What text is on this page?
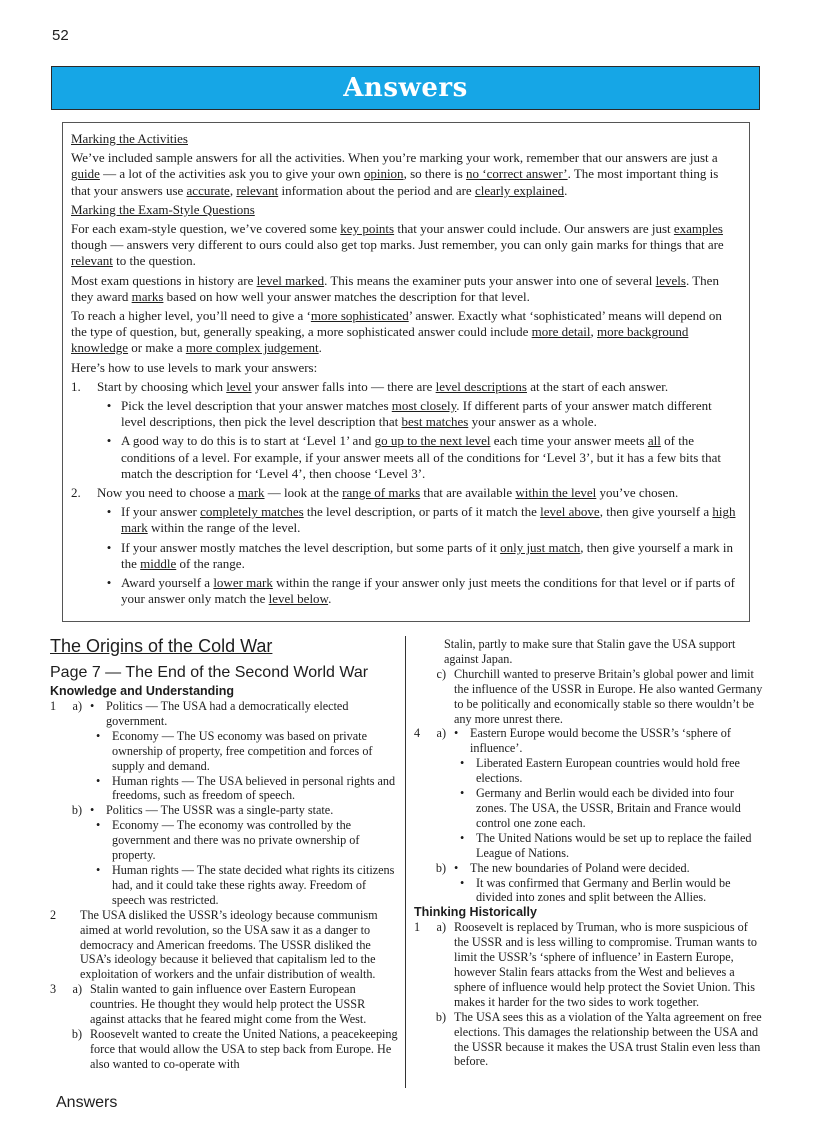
52
Answers

Marking the Activities

We’ve included sample answers for all the activities. When you’re marking your work, remember that our answers are just a guide — a lot of the activities ask you to give your own opinion, so there is no ‘correct answer’. The most important thing is that your answers use accurate, relevant information about the period and are clearly explained.

Marking the Exam-Style Questions

For each exam-style question, we’ve covered some key points that your answer could include. Our answers are just examples though — answers very different to ours could also get top marks. Just remember, you can only gain marks for things that are relevant to the question.

Most exam questions in history are level marked. This means the examiner puts your answer into one of several levels. Then they award marks based on how well your answer matches the description for that level.

To reach a higher level, you’ll need to give a ‘more sophisticated’ answer. Exactly what ‘sophisticated’ means will depend on the type of question, but, generally speaking, a more sophisticated answer could include more detail, more background knowledge or make a more complex judgement.

Here’s how to use levels to mark your answers:

1.	Start by choosing which level your answer falls into — there are level descriptions at the start of each answer.
• Pick the level description that your answer matches most closely. If different parts of your answer match different level descriptions, then pick the level description that best matches your answer as a whole.
• A good way to do this is to start at ‘Level 1’ and go up to the next level each time your answer meets all of the conditions of a level. For example, if your answer meets all of the conditions for ‘Level 3’, but it has a few bits that match the description for ‘Level 4’, then choose ‘Level 3’.
2.	Now you need to choose a mark — look at the range of marks that are available within the level you’ve chosen.
• If your answer completely matches the level description, or parts of it match the level above, then give yourself a high mark within the range of the level.
• If your answer mostly matches the level description, but some parts of it only just match, then give yourself a mark in the middle of the range.
• Award yourself a lower mark within the range if your answer only just meets the conditions for that level or if parts of your answer only match the level below.
The Origins of the Cold War
Page 7 — The End of the Second World War
Knowledge and Understanding
1	a) • Politics — The USA had a democratically elected government.
• Economy — The US economy was based on private ownership of property, free competition and forces of supply and demand.
• Human rights — The USA believed in personal rights and freedoms, such as freedom of speech.
b) • Politics — The USSR was a single-party state.
• Economy — The economy was controlled by the government and there was no private ownership of property.
• Human rights — The state decided what rights its citizens had, and it could take these rights away. Freedom of speech was restricted.
2	The USA disliked the USSR’s ideology because communism aimed at world revolution, so the USA saw it as a danger to democracy and American freedoms. The USSR disliked the USA’s ideology because it believed that capitalism led to the exploitation of workers and the unfair distribution of wealth.
3	a) Stalin wanted to gain influence over Eastern European countries. He thought they would help protect the USSR against attacks that he feared might come from the West.
b) Roosevelt wanted to create the United Nations, a peacekeeping force that would allow the USA to step back from Europe. He also wanted to co-operate with
Stalin, partly to make sure that Stalin gave the USA support against Japan.
c) Churchill wanted to preserve Britain’s global power and limit the influence of the USSR in Europe. He also wanted Germany to be politically and economically stable so there wouldn’t be any more unrest there.
4	a) • Eastern Europe would become the USSR’s ‘sphere of influence’.
• Liberated Eastern European countries would hold free elections.
• Germany and Berlin would each be divided into four zones. The USA, the USSR, Britain and France would control one zone each.
• The United Nations would be set up to replace the failed League of Nations.
b) • The new boundaries of Poland were decided.
• It was confirmed that Germany and Berlin would be divided into zones and split between the Allies.
Thinking Historically
1	a) Roosevelt is replaced by Truman, who is more suspicious of the USSR and is less willing to compromise. Truman wants to limit the USSR’s ‘sphere of influence’ in Eastern Europe, however Stalin fears attacks from the West and believes a sphere of influence would help protect the Soviet Union. This makes it harder for the two sides to work together.
b) The USA sees this as a violation of the Yalta agreement on free elections. This damages the relationship between the USA and the USSR because it makes the USA trust Stalin even less than before.
Answers
